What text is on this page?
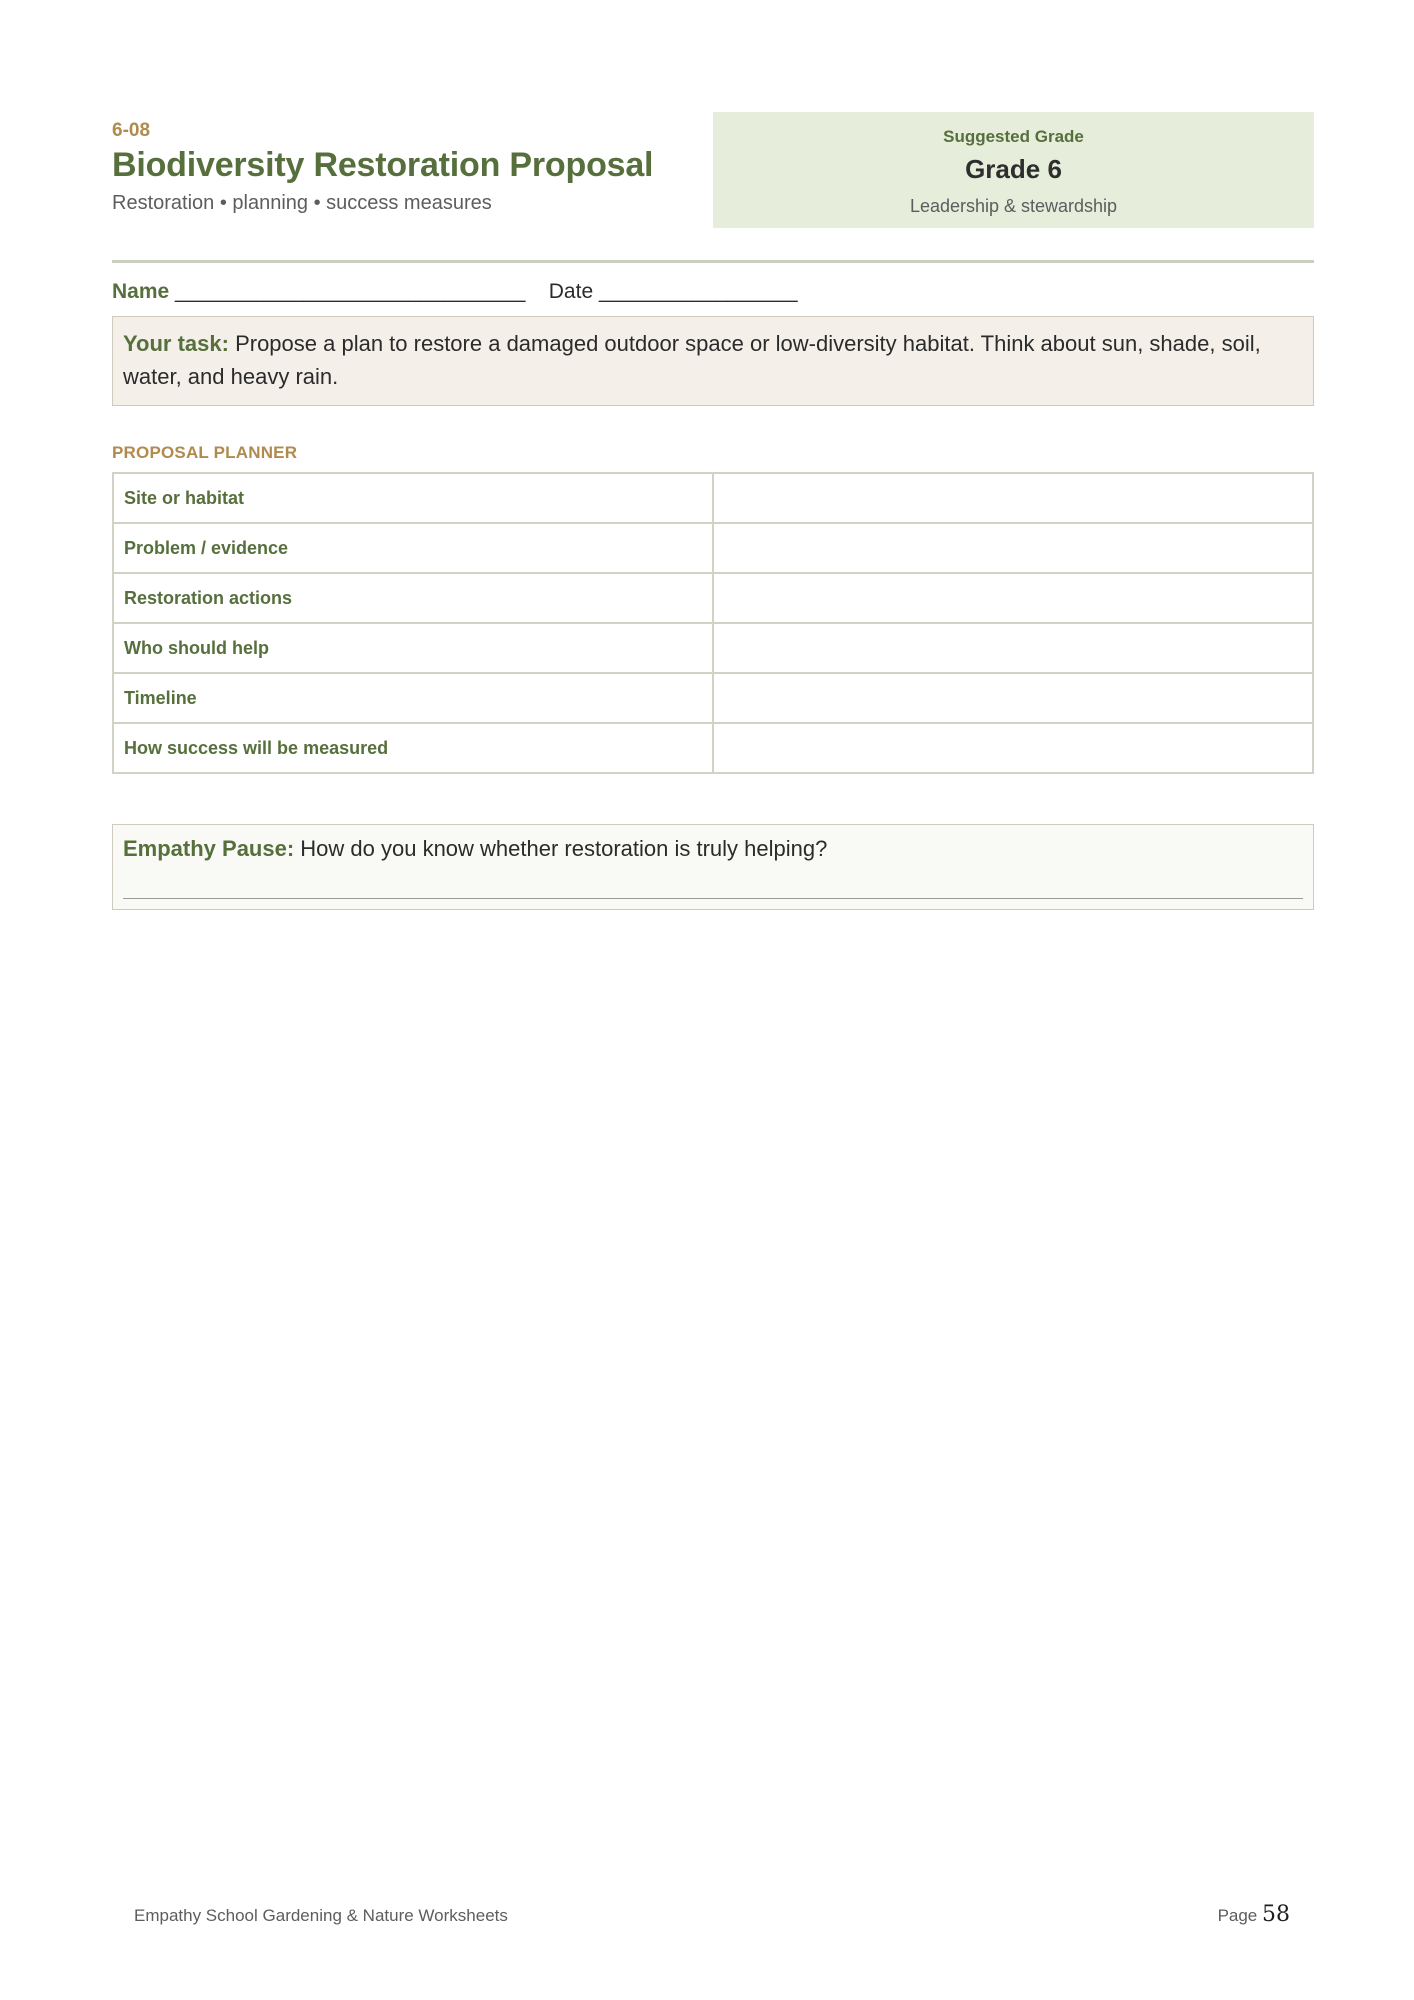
6-08
Biodiversity Restoration Proposal
Restoration • planning • success measures
Suggested Grade
Grade 6
Leadership & stewardship
Name ______________________________ Date _________________
Your task: Propose a plan to restore a damaged outdoor space or low-diversity habitat. Think about sun, shade, soil, water, and heavy rain.
PROPOSAL PLANNER
Site or habitat	
Problem / evidence	
Restoration actions	
Who should help	
Timeline	
How success will be measured	
Empathy Pause: How do you know whether restoration is truly helping?
Empathy School Gardening & Nature Worksheets	Page 58
